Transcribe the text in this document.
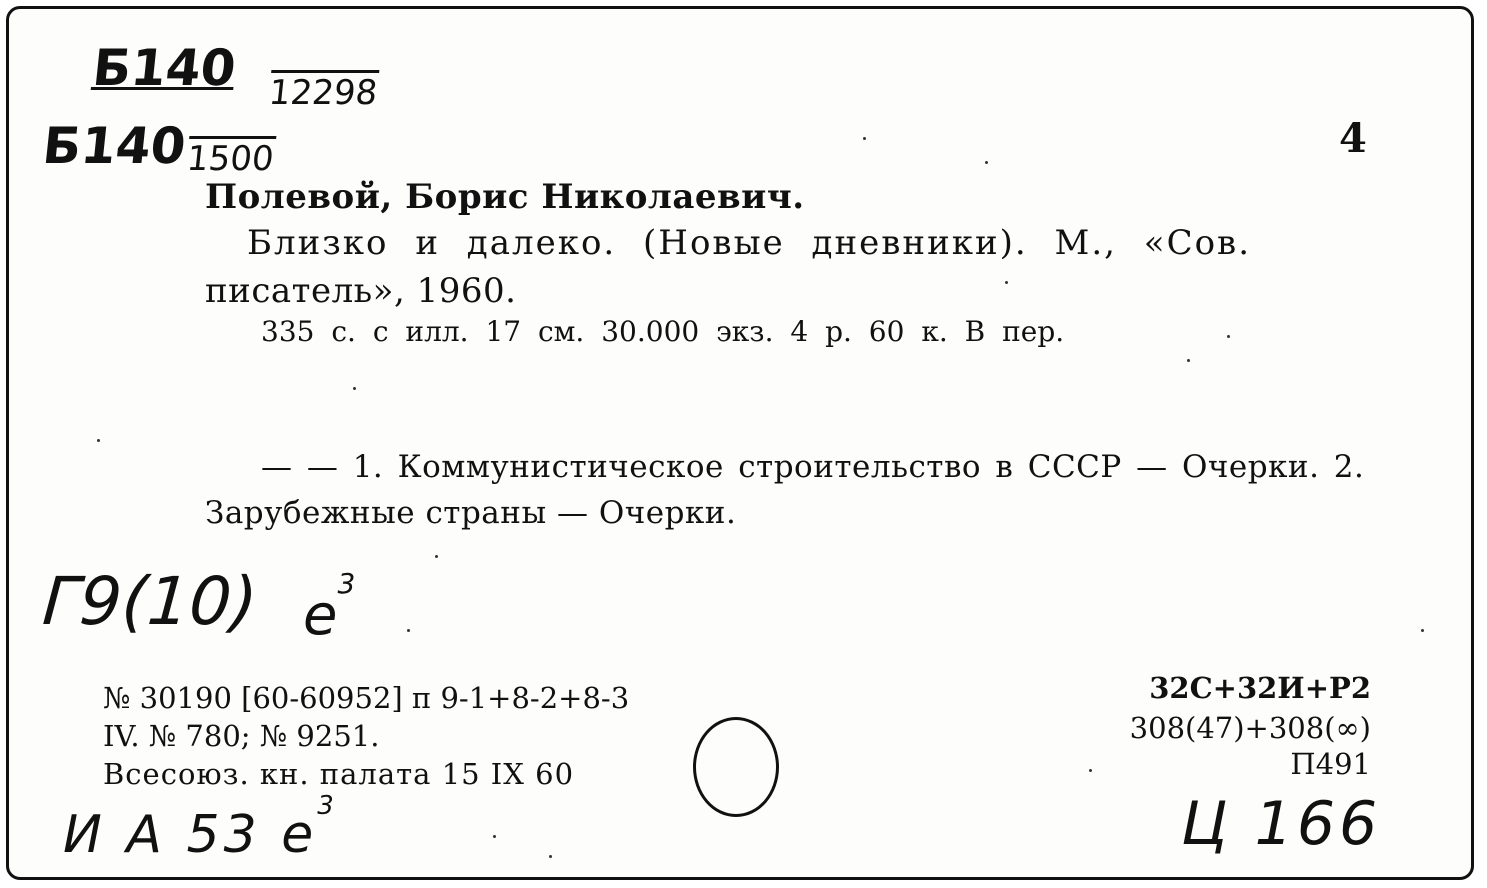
Б140 12298
Б140
1500	4
Полевой, Борис Николаевич.
Близко и далеко. (Новые дневники). М., «Сов.
писатель», 1960.
335 с. с илл. 17 см. 30.000 экз. 4 р. 60 к. В пер.
— — 1. Коммунистическое строительство в СССР — Очерки. 2.
Зарубежные страны — Очерки.
Г9(10) $е^3$
№ 30190 [60-60952] п 9-1+8-2+8-3
IV. № 780; № 9251.
Всесоюз. кн. палата 15 IX 60
32С+32И+Р2
308(47)+308(∞)
П491
И А 53 $е^3$	Ц 166
